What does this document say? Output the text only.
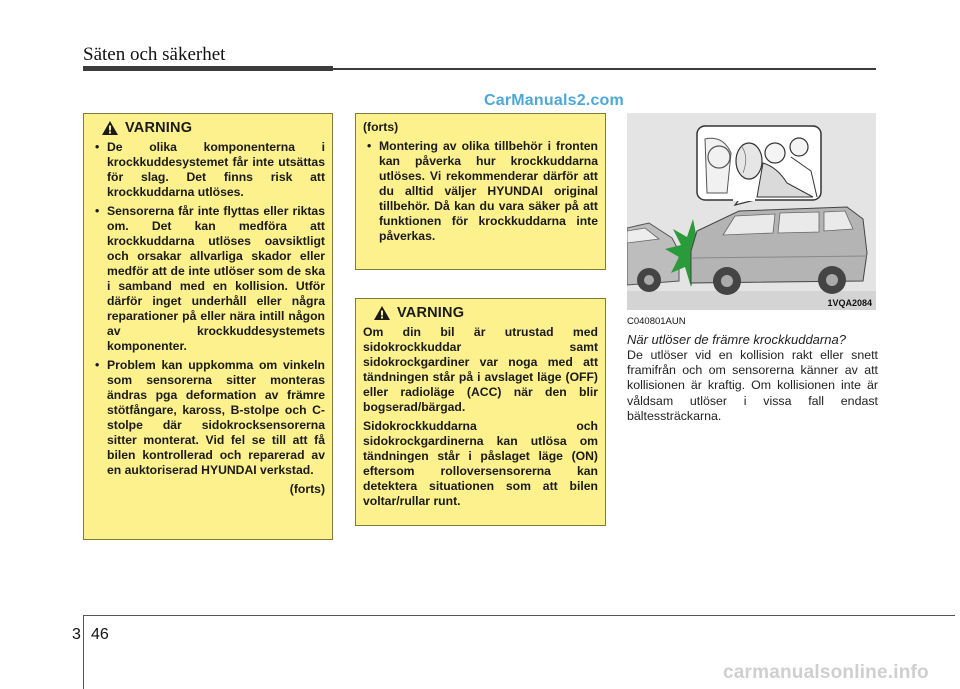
Säten och säkerhet
CarManuals2.com
VARNING
• De olika komponenterna i krockkuddesystemet får inte utsättas för slag. Det finns risk att krockkuddarna utlöses.
• Sensorerna får inte flyttas eller riktas om. Det kan medföra att krockkuddarna utlöses oavsiktligt och orsakar allvarliga skador eller medför att de inte utlöser som de ska i samband med en kollision. Utför därför inget underhåll eller några reparationer på eller nära intill någon av krockkuddesystemets komponenter.
• Problem kan uppkomma om vinkeln som sensorerna sitter monteras ändras pga deformation av främre stötfångare, kaross, B-stolpe och C-stolpe där sidokrocksensorerna sitter monterat. Vid fel se till att få bilen kontrollerad och reparerad av en auktoriserad HYUNDAI verkstad.
(forts)
(forts)
• Montering av olika tillbehör i fronten kan påverka hur krockkuddarna utlöses. Vi rekommenderar därför att du alltid väljer HYUNDAI original tillbehör. Då kan du vara säker på att funktionen för krockkuddarna inte påverkas.
VARNING

Om din bil är utrustad med sidokrockkuddar samt sidokrockgardiner var noga med att tändningen står på i avslaget läge (OFF) eller radioläge (ACC) när den blir bogserad/bärgad.

Sidokrockkuddarna och sidokrockgardinerna kan utlösa om tändningen står i påslaget läge (ON) eftersom rolloversensorerna kan detektera situationen som att bilen voltar/rullar runt.

1VQA2084
C040801AUN
När utlöser de främre krockkuddarna?
De utlöser vid en kollision rakt eller snett framifrån och om sensorerna känner av att kollisionen är kraftig. Om kollisionen inte är våldsam utlöser i vissa fall endast bältessträckarna.
3 46
carmanualsonline.info
